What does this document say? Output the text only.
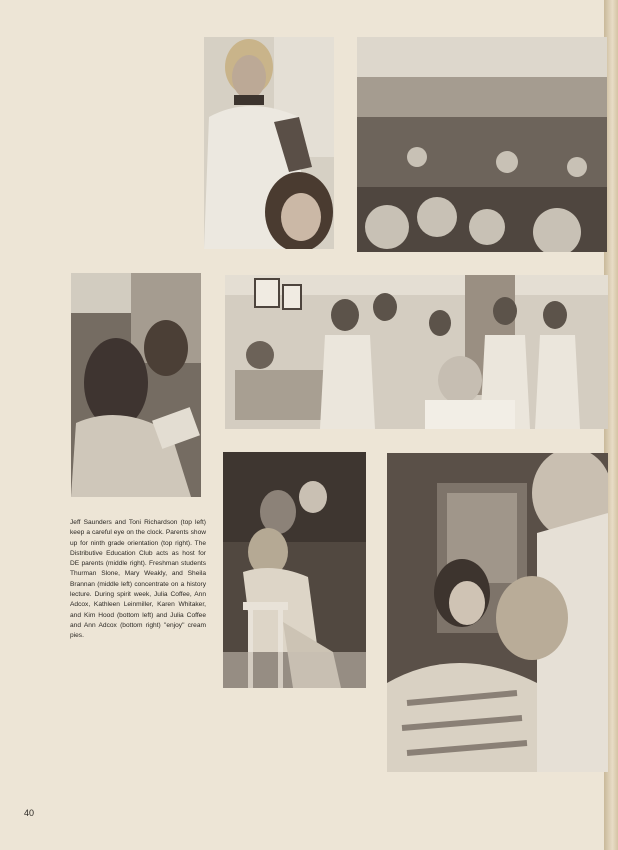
Jeff Saunders and Toni Richardson (top left) keep a careful eye on the clock. Parents show up for ninth grade orientation (top right). The Distributive Education Club acts as host for DE parents (middle right). Freshman students Thurman Slone, Mary Weakly, and Sheila Brannan (middle left) concentrate on a history lecture. During spirit week, Julia Coffee, Ann Adcox, Kathleen Leinmiller, Karen Whitaker, and Kim Hood (bottom left) and Julia Coffee and Ann Adcox (bottom right) "enjoy" cream pies.
40
